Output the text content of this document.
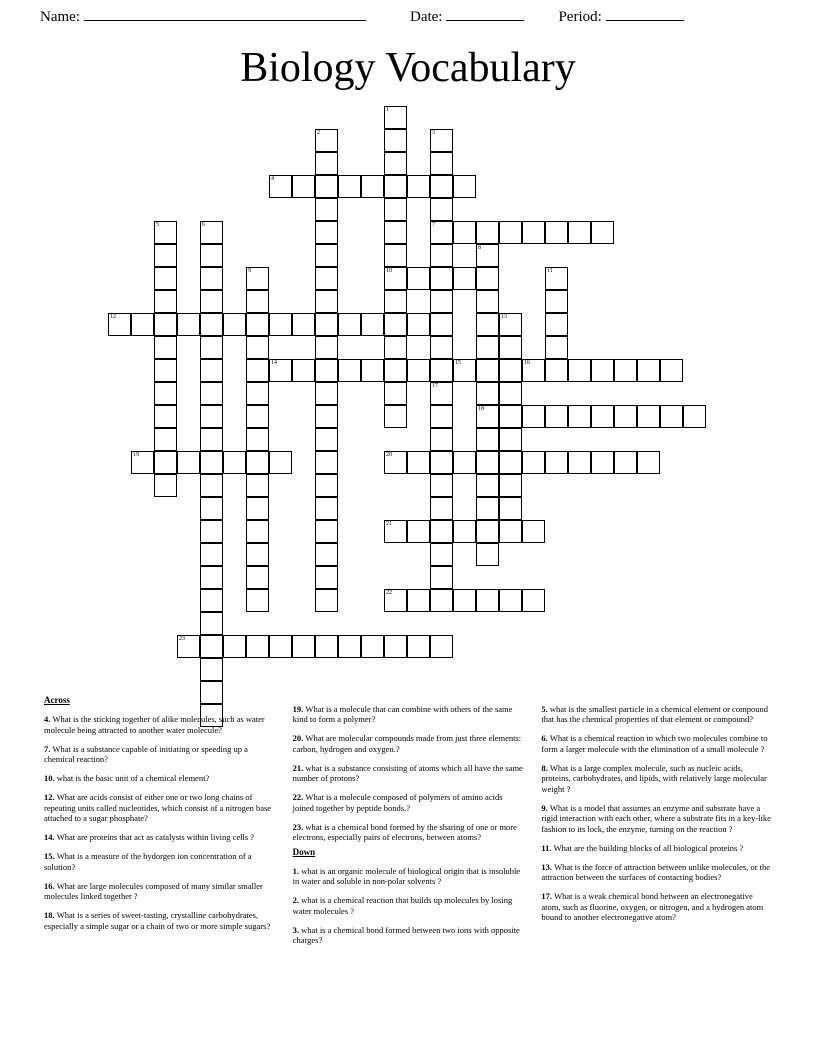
Name:	Date:	Period:
Biology Vocabulary
1
10
2	3
7
4
5	6
8
18
9	11
12	13
14	15	16
17
19	20
21
22
23
Across

4. What is the sticking together of alike molecules, such as water molecule being attracted to another water molecule?

7. What is a substance capable of initiating or speeding up a chemical reaction?

10. what is the basic unit of a chemical element?

12. What are acids consist of either one or two long chains of repeating units called nucleotides, which consist of a nitrogen base attached to a sugar phosphate?

14. What are proteins that act as catalysts within living cells ?

15. What is a measure of the hydorgen ion concentration of a solution?

16. What are large molecules composed of many similar smaller molecules linked together ?

18. What is a series of sweet-tasting, crystalline carbohydrates, especially a simple sugar or a chain of two or more simple sugars?

19. What is a molecule that can combine with others of the same kind to form a polymer?

20. What are molecular compounds made from just three elements: carbon, hydrogen and oxygen.?

21. what is a substance consisting of atoms which all have the same number of protons?

22. What is a molecule composed of polymers of amino acids joined together by peptide bonds.?

23. what is a chemical bond formed by the sharing of one or more electrons, especially pairs of electrons, between atoms?

Down

1. what is an organic molecule of biological origin that is insoluble in water and soluble in non-polar solvents ?

2. what is a chemical reaction that builds up molecules by losing water molecules ?

3. what is a chemical bond formed between two ions with opposite charges?

5. what is the smallest particle in a chemical element or compound that has the chemical properties of that element or compound?

6. What is a chemical reaction in which two molecules combine to form a larger molecule with the elimination of a small molecule ?

8. What is a large complex molecule, such as nucleic acids, proteins, carbohydrates, and lipids, with relatively large molecular weight ?

9. What is a model that assumes an enzyme and substrate have a rigid interaction with each other, where a substrate fits in a key-like fashion to its lock, the enzyme, turning on the reaction ?

11. What are the building blocks of all biological proteins ?

13. What is the force of attraction between unlike molecules, or the attraction between the surfaces of contacting bodies?

17. What is a weak chemical bond between an electronegative atom, such as fluorine, oxygen, or nitrogen, and a hydrogen atom bound to another electronegative atom?
